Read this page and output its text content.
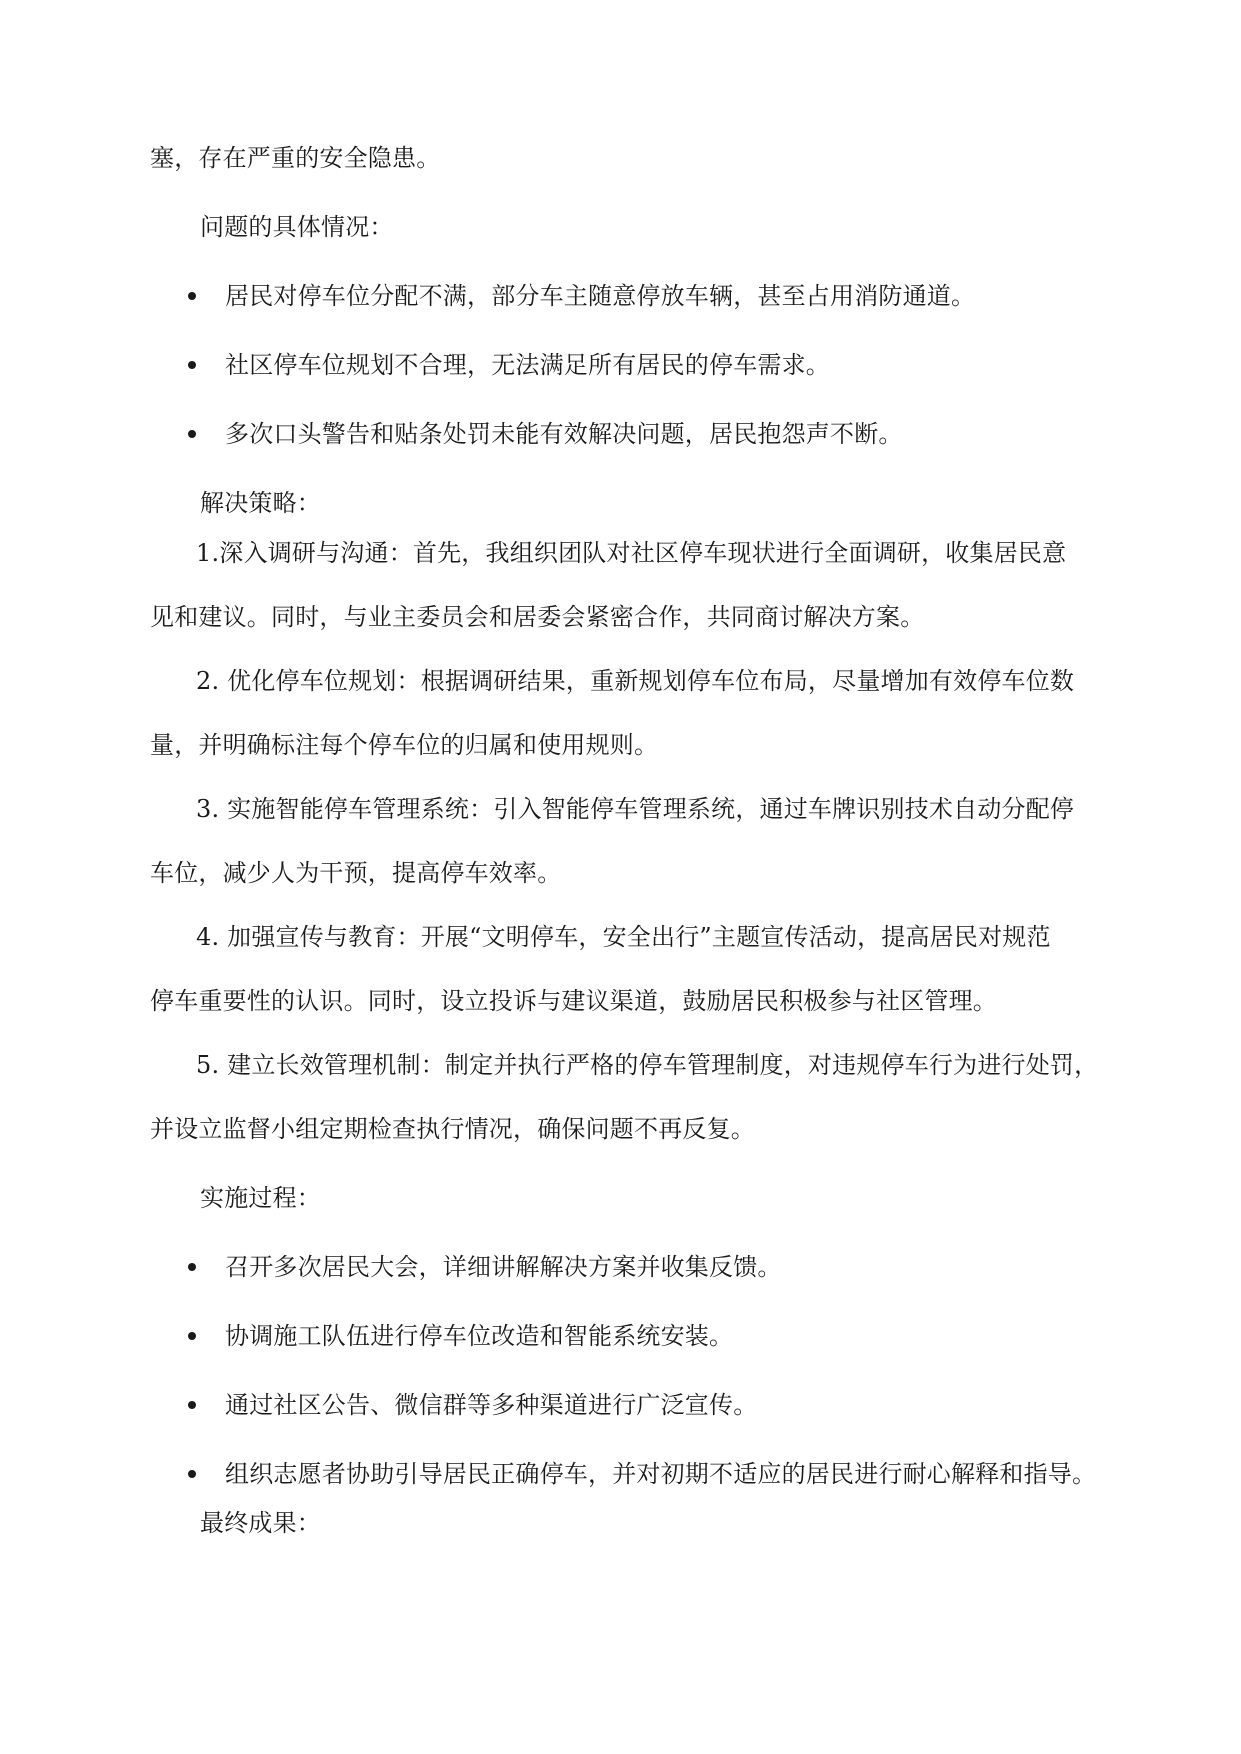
塞，存在严重的安全隐患。
问题的具体情况：
居民对停车位分配不满，部分车主随意停放车辆，甚至占用消防通道。
社区停车位规划不合理，无法满足所有居民的停车需求。
多次口头警告和贴条处罚未能有效解决问题，居民抱怨声不断。
解决策略：
1.深入调研与沟通：首先，我组织团队对社区停车现状进行全面调研，收集居民意
见和建议。同时，与业主委员会和居委会紧密合作，共同商讨解决方案。
2. 优化停车位规划：根据调研结果，重新规划停车位布局，尽量增加有效停车位数
量，并明确标注每个停车位的归属和使用规则。
3. 实施智能停车管理系统：引入智能停车管理系统，通过车牌识别技术自动分配停
车位，减少人为干预，提高停车效率。
4. 加强宣传与教育：开展“文明停车，安全出行”主题宣传活动，提高居民对规范
停车重要性的认识。同时，设立投诉与建议渠道，鼓励居民积极参与社区管理。
5. 建立长效管理机制：制定并执行严格的停车管理制度，对违规停车行为进行处罚，
并设立监督小组定期检查执行情况，确保问题不再反复。
实施过程：
召开多次居民大会，详细讲解解决方案并收集反馈。
协调施工队伍进行停车位改造和智能系统安装。
通过社区公告、微信群等多种渠道进行广泛宣传。
组织志愿者协助引导居民正确停车，并对初期不适应的居民进行耐心解释和指导。
最终成果：
